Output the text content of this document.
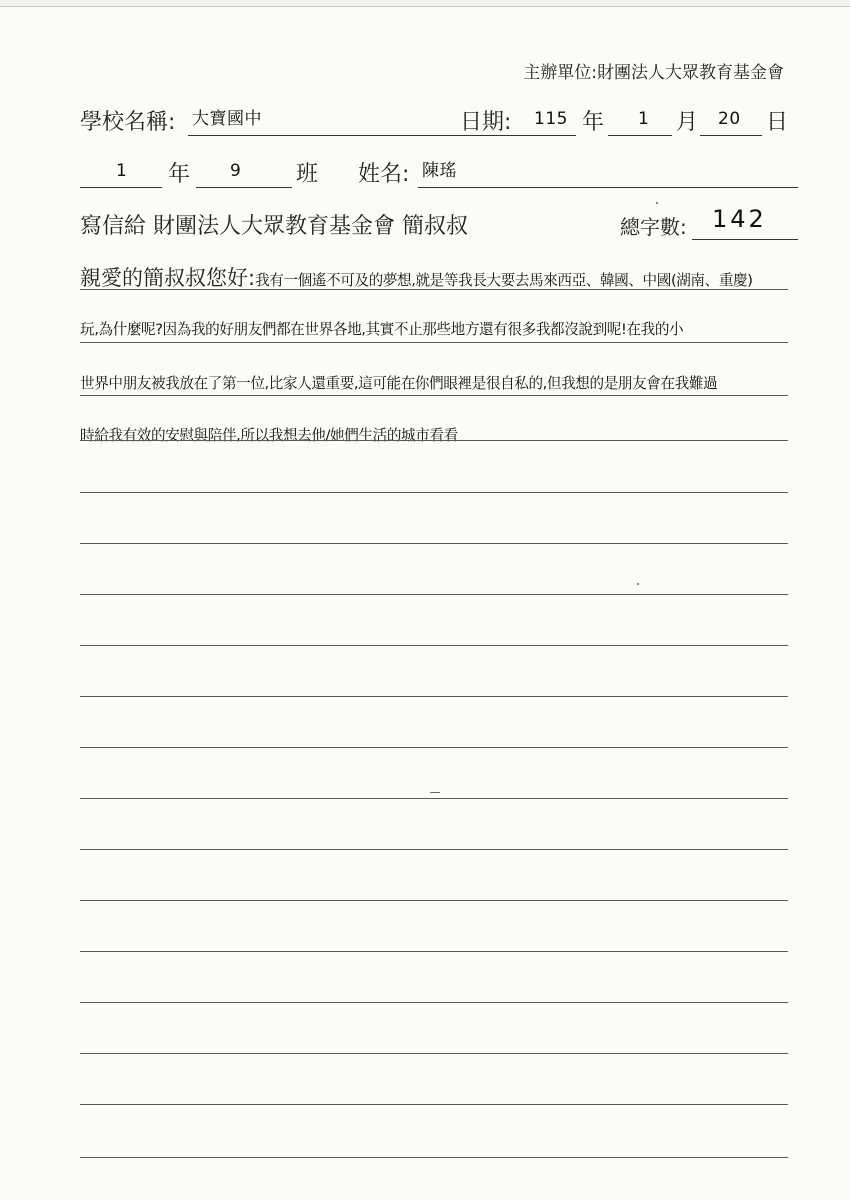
主辦單位:財團法人大眾教育基金會
學校名稱: 大寶國中	日期: 115 年 1 月 20 日
1 年 9 班 姓名: 陳瑤
寫信給 財團法人大眾教育基金會 簡叔叔	總字數: 142
親愛的簡叔叔您好:我有一個遙不可及的夢想,就是等我長大要去馬來西亞、韓國、中國(湖南、重慶)
玩,為什麼呢?因為我的好朋友們都在世界各地,其實不止那些地方還有很多我都沒說到呢!在我的小
世界中朋友被我放在了第一位,比家人還重要,這可能在你們眼裡是很自私的,但我想的是朋友會在我難過
時給我有效的安慰與陪伴,所以我想去他/她們生活的城市看看
